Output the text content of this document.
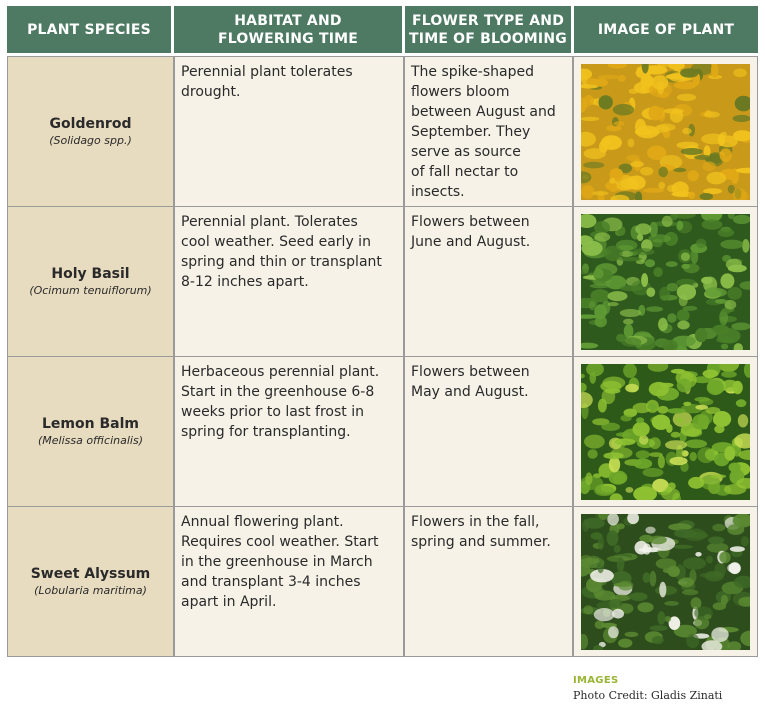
PLANT SPECIES
HABITAT AND
FLOWERING TIME
FLOWER TYPE AND
TIME OF BLOOMING
IMAGE OF PLANT
Goldenrod
(Solidago spp.)
Perennial plant tolerates
drought.
The spike-shaped
flowers bloom
between August and
September. They
serve as source
of fall nectar to
insects.
Holy Basil
(Ocimum tenuiflorum)
Perennial plant. Tolerates
cool weather. Seed early in
spring and thin or transplant
8-12 inches apart.
Flowers between
June and August.
Lemon Balm
(Melissa officinalis)
Herbaceous perennial plant.
Start in the greenhouse 6-8
weeks prior to last frost in
spring for transplanting.
Flowers between
May and August.
Sweet Alyssum
(Lobularia maritima)
Annual flowering plant.
Requires cool weather. Start
in the greenhouse in March
and transplant 3-4 inches
apart in April.
Flowers in the fall,
spring and summer.
IMAGES
Photo Credit: Gladis Zinati
